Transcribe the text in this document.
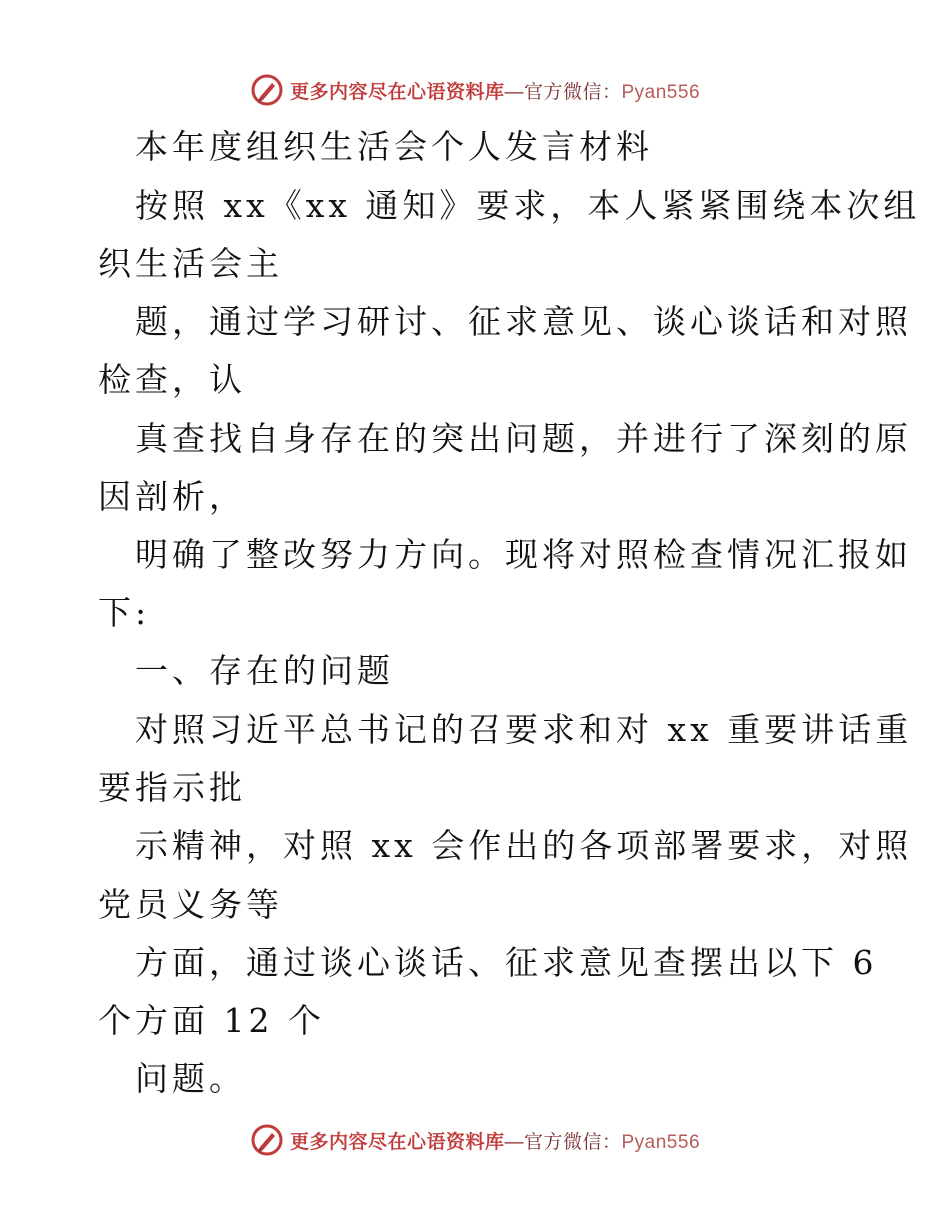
更多内容尽在心语资料库—官方微信：Pyan556
本年度组织生活会个人发言材料
按照 xx《xx 通知》要求，本人紧紧围绕本次组
织生活会主
题，通过学习研讨、征求意见、谈心谈话和对照
检查，认
真查找自身存在的突出问题，并进行了深刻的原
因剖析，
明确了整改努力方向。现将对照检查情况汇报如
下:
一、存在的问题
对照习近平总书记的召要求和对 xx 重要讲话重
要指示批
示精神，对照 xx 会作出的各项部署要求，对照
党员义务等
方面，通过谈心谈话、征求意见查摆出以下 6
个方面 12 个
问题。
更多内容尽在心语资料库—官方微信：Pyan556
